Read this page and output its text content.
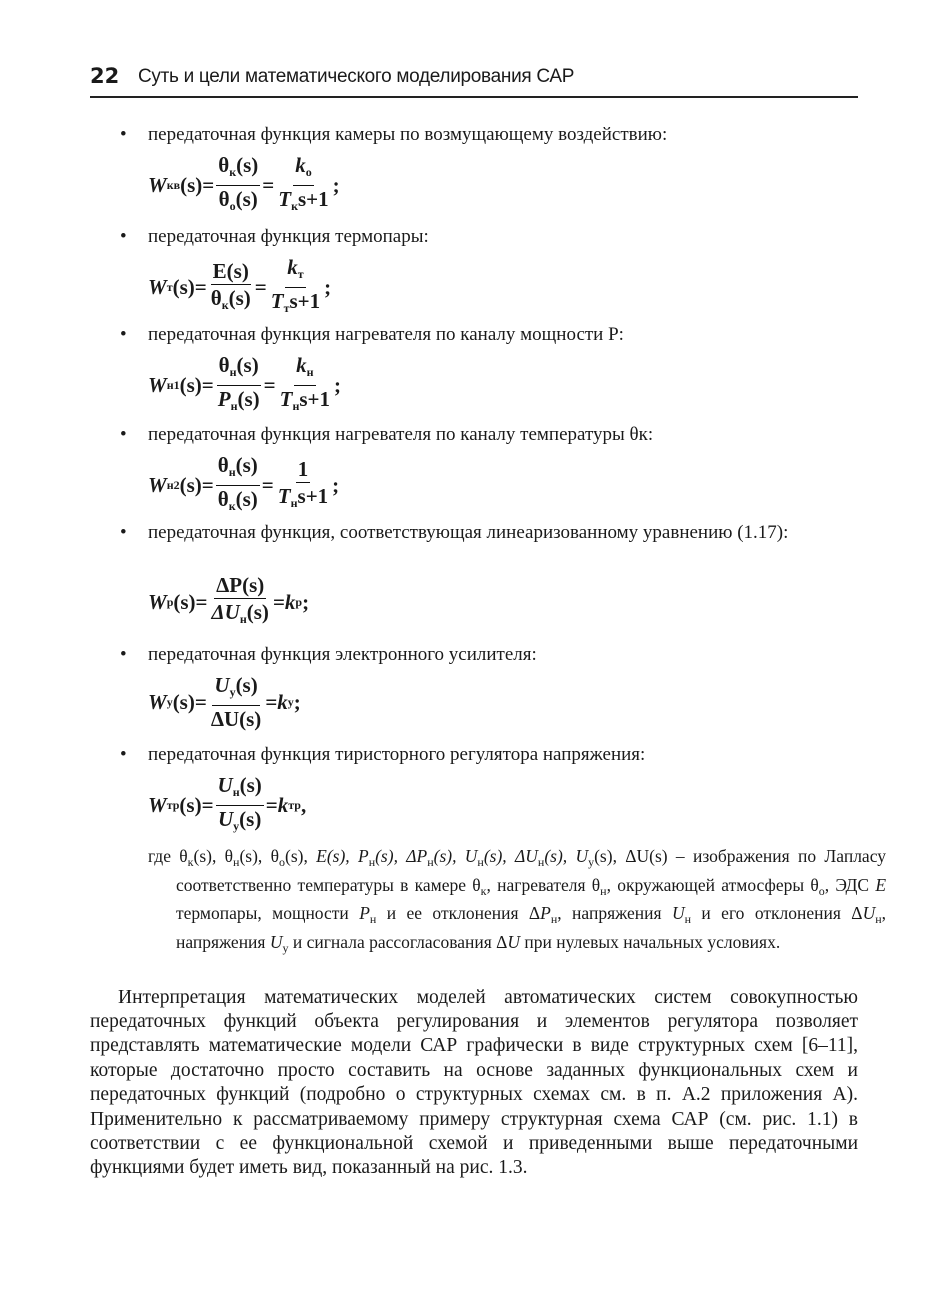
22 Суть и цели математического моделирования САР
• передаточная функция камеры по возмущающему воздействию:
W кв (s)=
$\theta_к(s)$
$\theta_о(s)$
=
$k_о$
$T_кs+1$
;
• передаточная функция термопары:
W т (s)=
E(s)
$\theta_к(s)$ =
$k_т$
$T_тs+1$
;
• передаточная функция нагревателя по каналу мощности P:
W н1 (s)=
$\theta_н(s)$
$P_н(s)$
=
$k_н$
$T_нs+1$
;
• передаточная функция нагревателя по каналу температуры θк:
W н2 (s)=
$\theta_н(s)$
$\theta_к(s)$
=
1
$T_нs+1$ ;
• передаточная функция, соответствующая линеаризованному уравнению (1.17):
W р (s)=
ΔP(s)
$\Delta U_н(s) = k$ р ;
• передаточная функция электронного усилителя:
W у (s)=
$U_у(s)$
ΔU(s)
= k у ;
• передаточная функция тиристорного регулятора напряжения:
W тр (s)=
$U_н(s)$
$U_у(s)$
= k тр ,
где $\theta_к(s)$, $\theta_н(s)$, $\theta_о(s)$, E(s), $P_н(s)$, $\Delta P_н(s)$, $U_н(s)$, $\Delta U_н(s)$, $U_у(s)$, ΔU(s) – изображения по Лапласу соответственно температуры в камере $\theta_к$, нагревателя $\theta_н$, окружающей атмосферы $\theta_о$, ЭДС E термопары, мощности $P_н$ и ее отклонения $\Delta P_н$, напряжения $U_н$ и его отклонения $\Delta U_н$, напряжения $U_у$ и сигнала рассогласования ΔU при нулевых начальных условиях.

Интерпретация математических моделей автоматических систем совокупностью передаточных функций объекта регулирования и элементов регулятора позволяет представлять математические модели САР графически в виде структурных схем [6–11], которые достаточно просто составить на основе заданных функциональных схем и передаточных функций (подробно о структурных схемах см. в п. А.2 приложения А). Применительно к рассматриваемому примеру структурная схема САР (см. рис. 1.1) в соответствии с ее функциональной схемой и приведенными выше передаточными функциями будет иметь вид, показанный на рис. 1.3.
